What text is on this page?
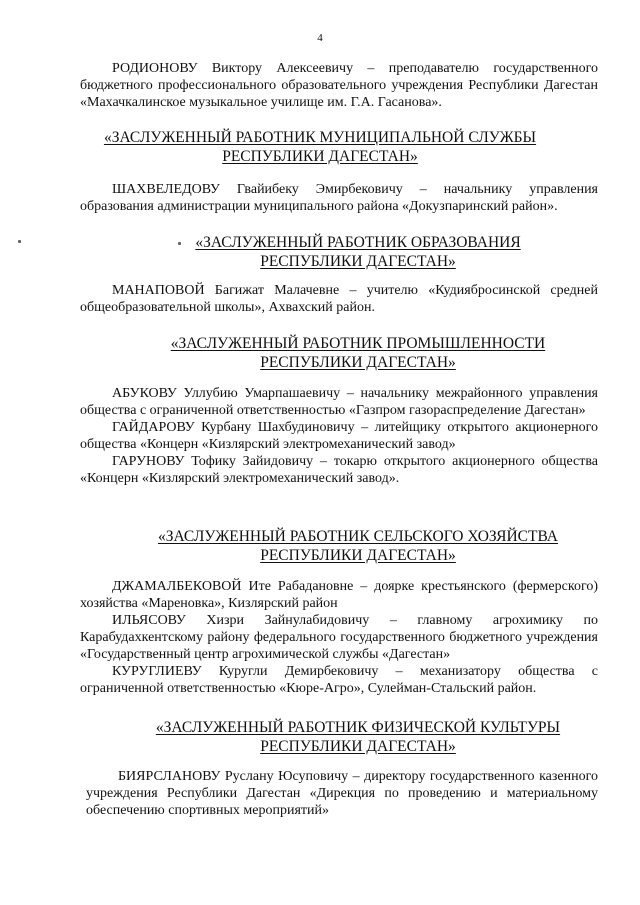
4

РОДИОНОВУ Виктору Алексеевичу – преподавателю государственного бюджетного профессионального образовательного учреждения Республики Дагестан «Махачкалинское музыкальное училище им. Г.А. Гасанова».

«ЗАСЛУЖЕННЫЙ РАБОТНИК МУНИЦИПАЛЬНОЙ СЛУЖБЫ
РЕСПУБЛИКИ ДАГЕСТАН»

ШАХВЕЛЕДОВУ Гвайибеку Эмирбековичу – начальнику управления образования администрации муниципального района «Докузпаринский район».

«ЗАСЛУЖЕННЫЙ РАБОТНИК ОБРАЗОВАНИЯ
РЕСПУБЛИКИ ДАГЕСТАН»

МАНАПОВОЙ Багижат Малачевне – учителю «Кудиябросинской средней общеобразовательной школы», Ахвахский район.

«ЗАСЛУЖЕННЫЙ РАБОТНИК ПРОМЫШЛЕННОСТИ
РЕСПУБЛИКИ ДАГЕСТАН»

АБУКОВУ Уллубию Умарпашаевичу – начальнику межрайонного управления общества с ограниченной ответственностью «Газпром газораспределение Дагестан»

ГАЙДАРОВУ Курбану Шахбудиновичу – литейщику открытого акционерного общества «Концерн «Кизлярский электромеханический завод»

ГАРУНОВУ Тофику Зайидовичу – токарю открытого акционерного общества «Концерн «Кизлярский электромеханический завод».

«ЗАСЛУЖЕННЫЙ РАБОТНИК СЕЛЬСКОГО ХОЗЯЙСТВА
РЕСПУБЛИКИ ДАГЕСТАН»

ДЖАМАЛБЕКОВОЙ Ите Рабадановне – доярке крестьянского (фермерского) хозяйства «Мареновка», Кизлярский район

ИЛЬЯСОВУ Хизри Зайнулабидовичу – главному агрохимику по Карабудахкентскому району федерального государственного бюджетного учреждения «Государственный центр агрохимической службы «Дагестан»

КУРУГЛИЕВУ Куругли Демирбековичу – механизатору общества с ограниченной ответственностью «Кюре-Агро», Сулейман-Стальский район.

«ЗАСЛУЖЕННЫЙ РАБОТНИК ФИЗИЧЕСКОЙ КУЛЬТУРЫ
РЕСПУБЛИКИ ДАГЕСТАН»

БИЯРСЛАНОВУ Руслану Юсуповичу – директору государственного казенного учреждения Республики Дагестан «Дирекция по проведению и материальному обеспечению спортивных мероприятий»
